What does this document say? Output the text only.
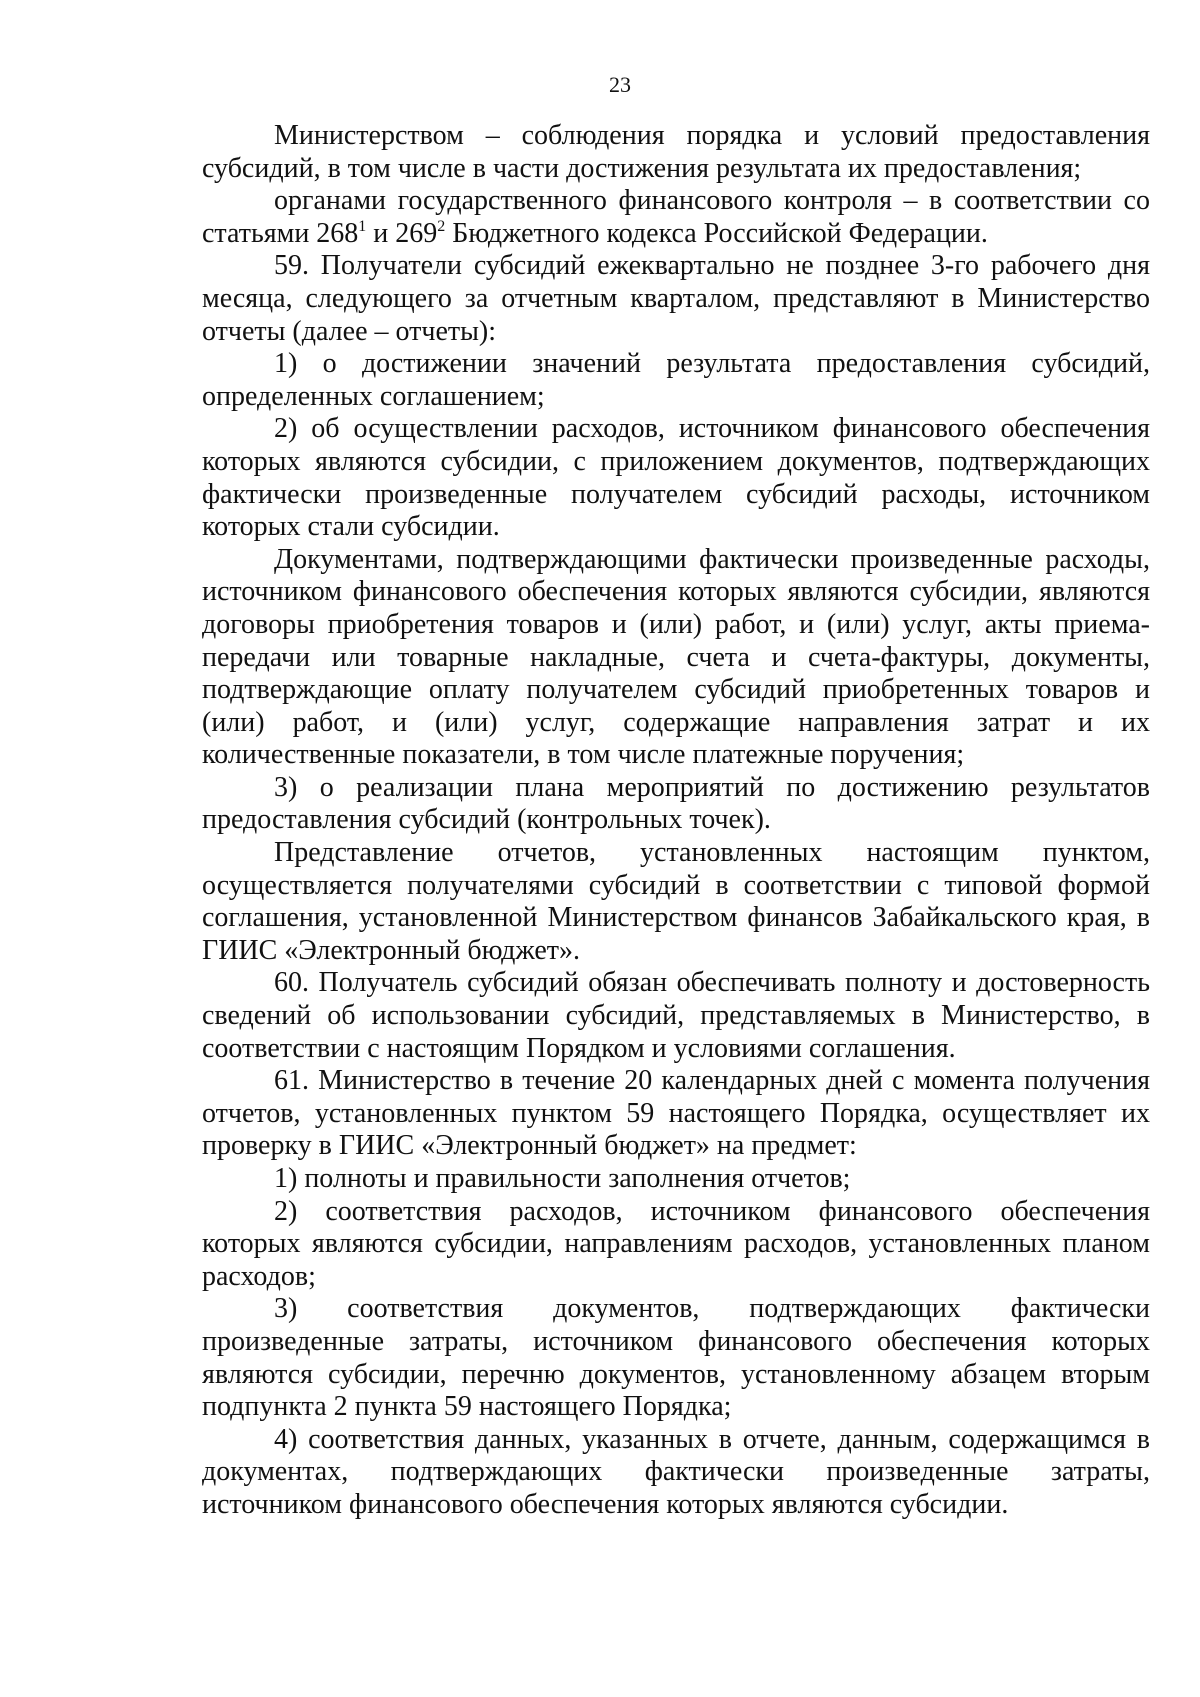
23

Министерством – соблюдения порядка и условий предоставления субсидий, в том числе в части достижения результата их предоставления;

органами государственного финансового контроля – в соответствии со статьями $268^1$ и $269^2$ Бюджетного кодекса Российской Федерации.

59. Получатели субсидий ежеквартально не позднее 3-го рабочего дня месяца, следующего за отчетным кварталом, представляют в Министерство отчеты (далее – отчеты):

1) о достижении значений результата предоставления субсидий, определенных соглашением;

2) об осуществлении расходов, источником финансового обеспечения которых являются субсидии, с приложением документов, подтверждающих фактически произведенные получателем субсидий расходы, источником которых стали субсидии.

Документами, подтверждающими фактически произведенные расходы, источником финансового обеспечения которых являются субсидии, являются договоры приобретения товаров и (или) работ, и (или) услуг, акты приема-передачи или товарные накладные, счета и счета-фактуры, документы, подтверждающие оплату получателем субсидий приобретенных товаров и (или) работ, и (или) услуг, содержащие направления затрат и их количественные показатели, в том числе платежные поручения;

3) о реализации плана мероприятий по достижению результатов предоставления субсидий (контрольных точек).

Представление отчетов, установленных настоящим пунктом, осуществляется получателями субсидий в соответствии с типовой формой соглашения, установленной Министерством финансов Забайкальского края, в ГИИС «Электронный бюджет».

60. Получатель субсидий обязан обеспечивать полноту и достоверность сведений об использовании субсидий, представляемых в Министерство, в соответствии с настоящим Порядком и условиями соглашения.

61. Министерство в течение 20 календарных дней с момента получения отчетов, установленных пунктом 59 настоящего Порядка, осуществляет их проверку в ГИИС «Электронный бюджет» на предмет:

1) полноты и правильности заполнения отчетов;

2) соответствия расходов, источником финансового обеспечения которых являются субсидии, направлениям расходов, установленных планом расходов;

3) соответствия документов, подтверждающих фактически произведенные затраты, источником финансового обеспечения которых являются субсидии, перечню документов, установленному абзацем вторым подпункта 2 пункта 59 настоящего Порядка;

4) соответствия данных, указанных в отчете, данным, содержащимся в документах, подтверждающих фактически произведенные затраты, источником финансового обеспечения которых являются субсидии.
